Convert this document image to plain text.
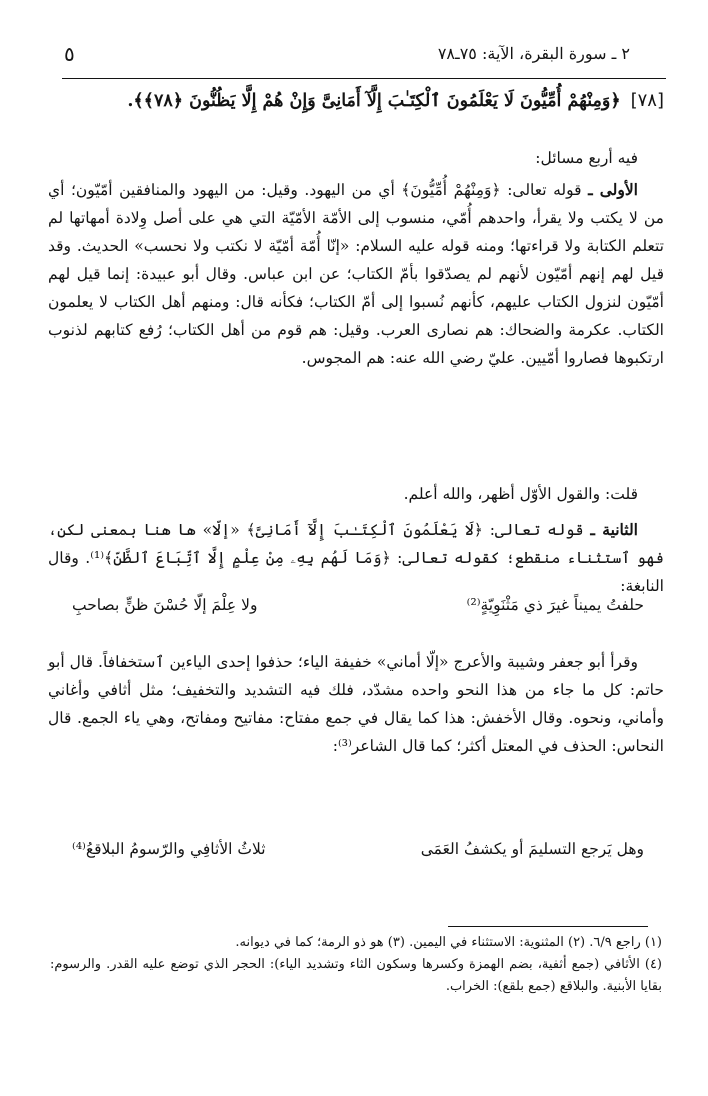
٥	٢ ـ سورة البقرة، الآية: ٧٥ـ٧٨
[٧٨]﴿وَمِنْهُمْ أُمِّيُّونَ لَا يَعْلَمُونَ ٱلْكِتَـٰبَ إِلَّآ أَمَانِىَّ وَإِنْ هُمْ إِلَّا يَظُنُّونَ ﴿٧٨﴾﴾.

فيه أربع مسائل:

الأولى ـ قوله تعالى: ﴿وَمِنْهُمْ أُمِّيُّونَ﴾ أي من اليهود. وقيل: من اليهود والمنافقين أمّيّون؛ أي من لا يكتب ولا يقرأ، واحدهم أُمّي، منسوب إلى الأمّة الأمّيّة التي هي على أصل وِلادة أمهاتها لم تتعلم الكتابة ولا قراءتها؛ ومنه قوله عليه السلام: «إنّا أُمّة أمّيّة لا نكتب ولا نحسب» الحديث. وقد قيل لهم إنهم أمّيّون لأنهم لم يصدّقوا بأمّ الكتاب؛ عن ابن عباس. وقال أبو عبيدة: إنما قيل لهم أمّيّون لنزول الكتاب عليهم، كأنهم نُسبوا إلى أمّ الكتاب؛ فكأنه قال: ومنهم أهل الكتاب لا يعلمون الكتاب. عكرمة والضحاك: هم نصارى العرب. وقيل: هم قوم من أهل الكتاب؛ رُفع كتابهم لذنوب ارتكبوها فصاروا أمّيين. عليّ رضي الله عنه: هم المجوس.

قلت: والقول الأوّل أظهر، والله أعلم.

الثانية ـ قوله تعالى: ﴿لَا يَعْلَمُونَ ٱلْكِتَـٰبَ إِلَّآ أَمَانِىَّ﴾ «إلّا» ها هنا بمعنى لكن، فهو ٱستثناء منقطع؛ كقوله تعالى: ﴿وَمَا لَهُم بِهِۦ مِنْ عِلْمٍ إِلَّا ٱتِّبَاعَ ٱلظَّنِّ﴾⁽¹⁾. وقال النابغة:

حلفتُ يميناً غيرَ ذي مَثْنَوِيّةٍ⁽²⁾
ولا عِلْمَ إلّا حُسْنَ ظنٍّ بصاحبِ

وقرأ أبو جعفر وشيبة والأعرج «إلّا أماني» خفيفة الياء؛ حذفوا إحدى الياءين ٱستخفافاً. قال أبو حاتم: كل ما جاء من هذا النحو واحده مشدّد، فلك فيه التشديد والتخفيف؛ مثل أثافي وأغاني وأماني، ونحوه. وقال الأخفش: هذا كما يقال في جمع مفتاح: مفاتيح ومفاتح، وهي ياء الجمع. قال النحاس: الحذف في المعتل أكثر؛ كما قال الشاعر⁽³⁾:

وهل يَرجع التسليمَ أو يكشفُ العَمَى
ثلاثُ الأثافِي والرّسومُ البلاقعُ⁽⁴⁾

(١) راجع ٦/٩. (٢) المثنوية: الاستثناء في اليمين. (٣) هو ذو الرمة؛ كما في ديوانه.

(٤) الأثافي (جمع أثفية، بضم الهمزة وكسرها وسكون الثاء وتشديد الياء): الحجر الذي توضع عليه القدر. والرسوم: بقايا الأبنية. والبلاقع (جمع بلقع): الخراب.
